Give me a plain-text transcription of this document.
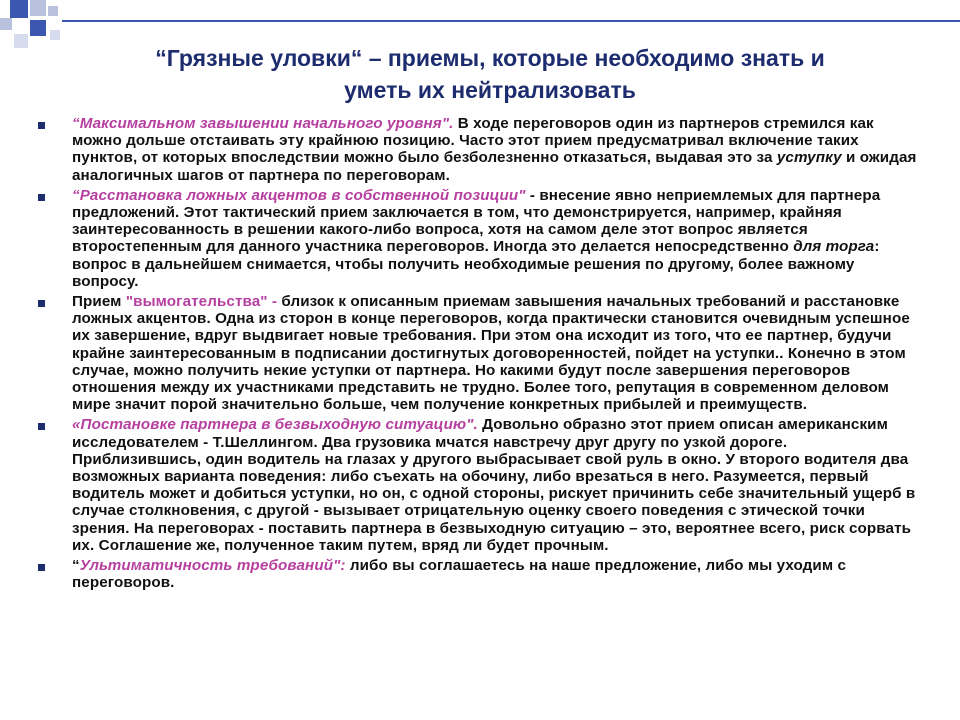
“Грязные уловки“ – приемы, которые необходимо знать и
уметь их нейтрализовать
“Максимальном завышении начального уровня". В ходе переговоров один из партнеров стремился как можно дольше отстаивать эту крайнюю позицию. Часто этот прием предусматривал включение таких пунктов, от которых впоследствии можно было безболезненно отказаться, выдавая это за уступку и ожидая аналогичных шагов от партнера по переговорам.
“Расстановка ложных акцентов в собственной позиции" - внесение явно неприемлемых для партнера предложений. Этот тактический прием заключается в том, что демонстрируется, например, крайняя заинтересованность в решении какого-либо вопроса, хотя на самом деле этот вопрос является второстепенным для данного участника переговоров. Иногда это делается непосредственно для торга: вопрос в дальнейшем снимается, чтобы получить необходимые решения по другому, более важному вопросу.
Прием "вымогательства" - близок к описанным приемам завышения начальных требований и расстановке ложных акцентов. Одна из сторон в конце переговоров, когда практически становится очевидным успешное их завершение, вдруг выдвигает новые требования. При этом она исходит из того, что ее партнер, будучи крайне заинтересованным в подписании достигнутых договоренностей, пойдет на уступки.. Конечно в этом случае, можно получить некие уступки от партнера. Но какими будут после завершения переговоров отношения между их участниками представить не трудно. Более того, репутация в современном деловом мире значит порой значительно больше, чем получение конкретных прибылей и преимуществ.
«Постановке партнера в безвыходную ситуацию". Довольно образно этот прием описан американским исследователем - Т.Шеллингом. Два грузовика мчатся навстречу друг другу по узкой дороге. Приблизившись, один водитель на глазах у другого выбрасывает свой руль в окно. У второго водителя два возможных варианта поведения: либо съехать на обочину, либо врезаться в него. Разумеется, первый водитель может и добиться уступки, но он, с одной стороны, рискует причинить себе значительный ущерб в случае столкновения, с другой - вызывает отрицательную оценку своего поведения с этической точки зрения. На переговорах - поставить партнера в безвыходную ситуацию – это, вероятнее всего, риск сорвать их. Соглашение же, полученное таким путем, вряд ли будет прочным.
“Ультиматичность требований": либо вы соглашаетесь на наше предложение, либо мы уходим с переговоров.
